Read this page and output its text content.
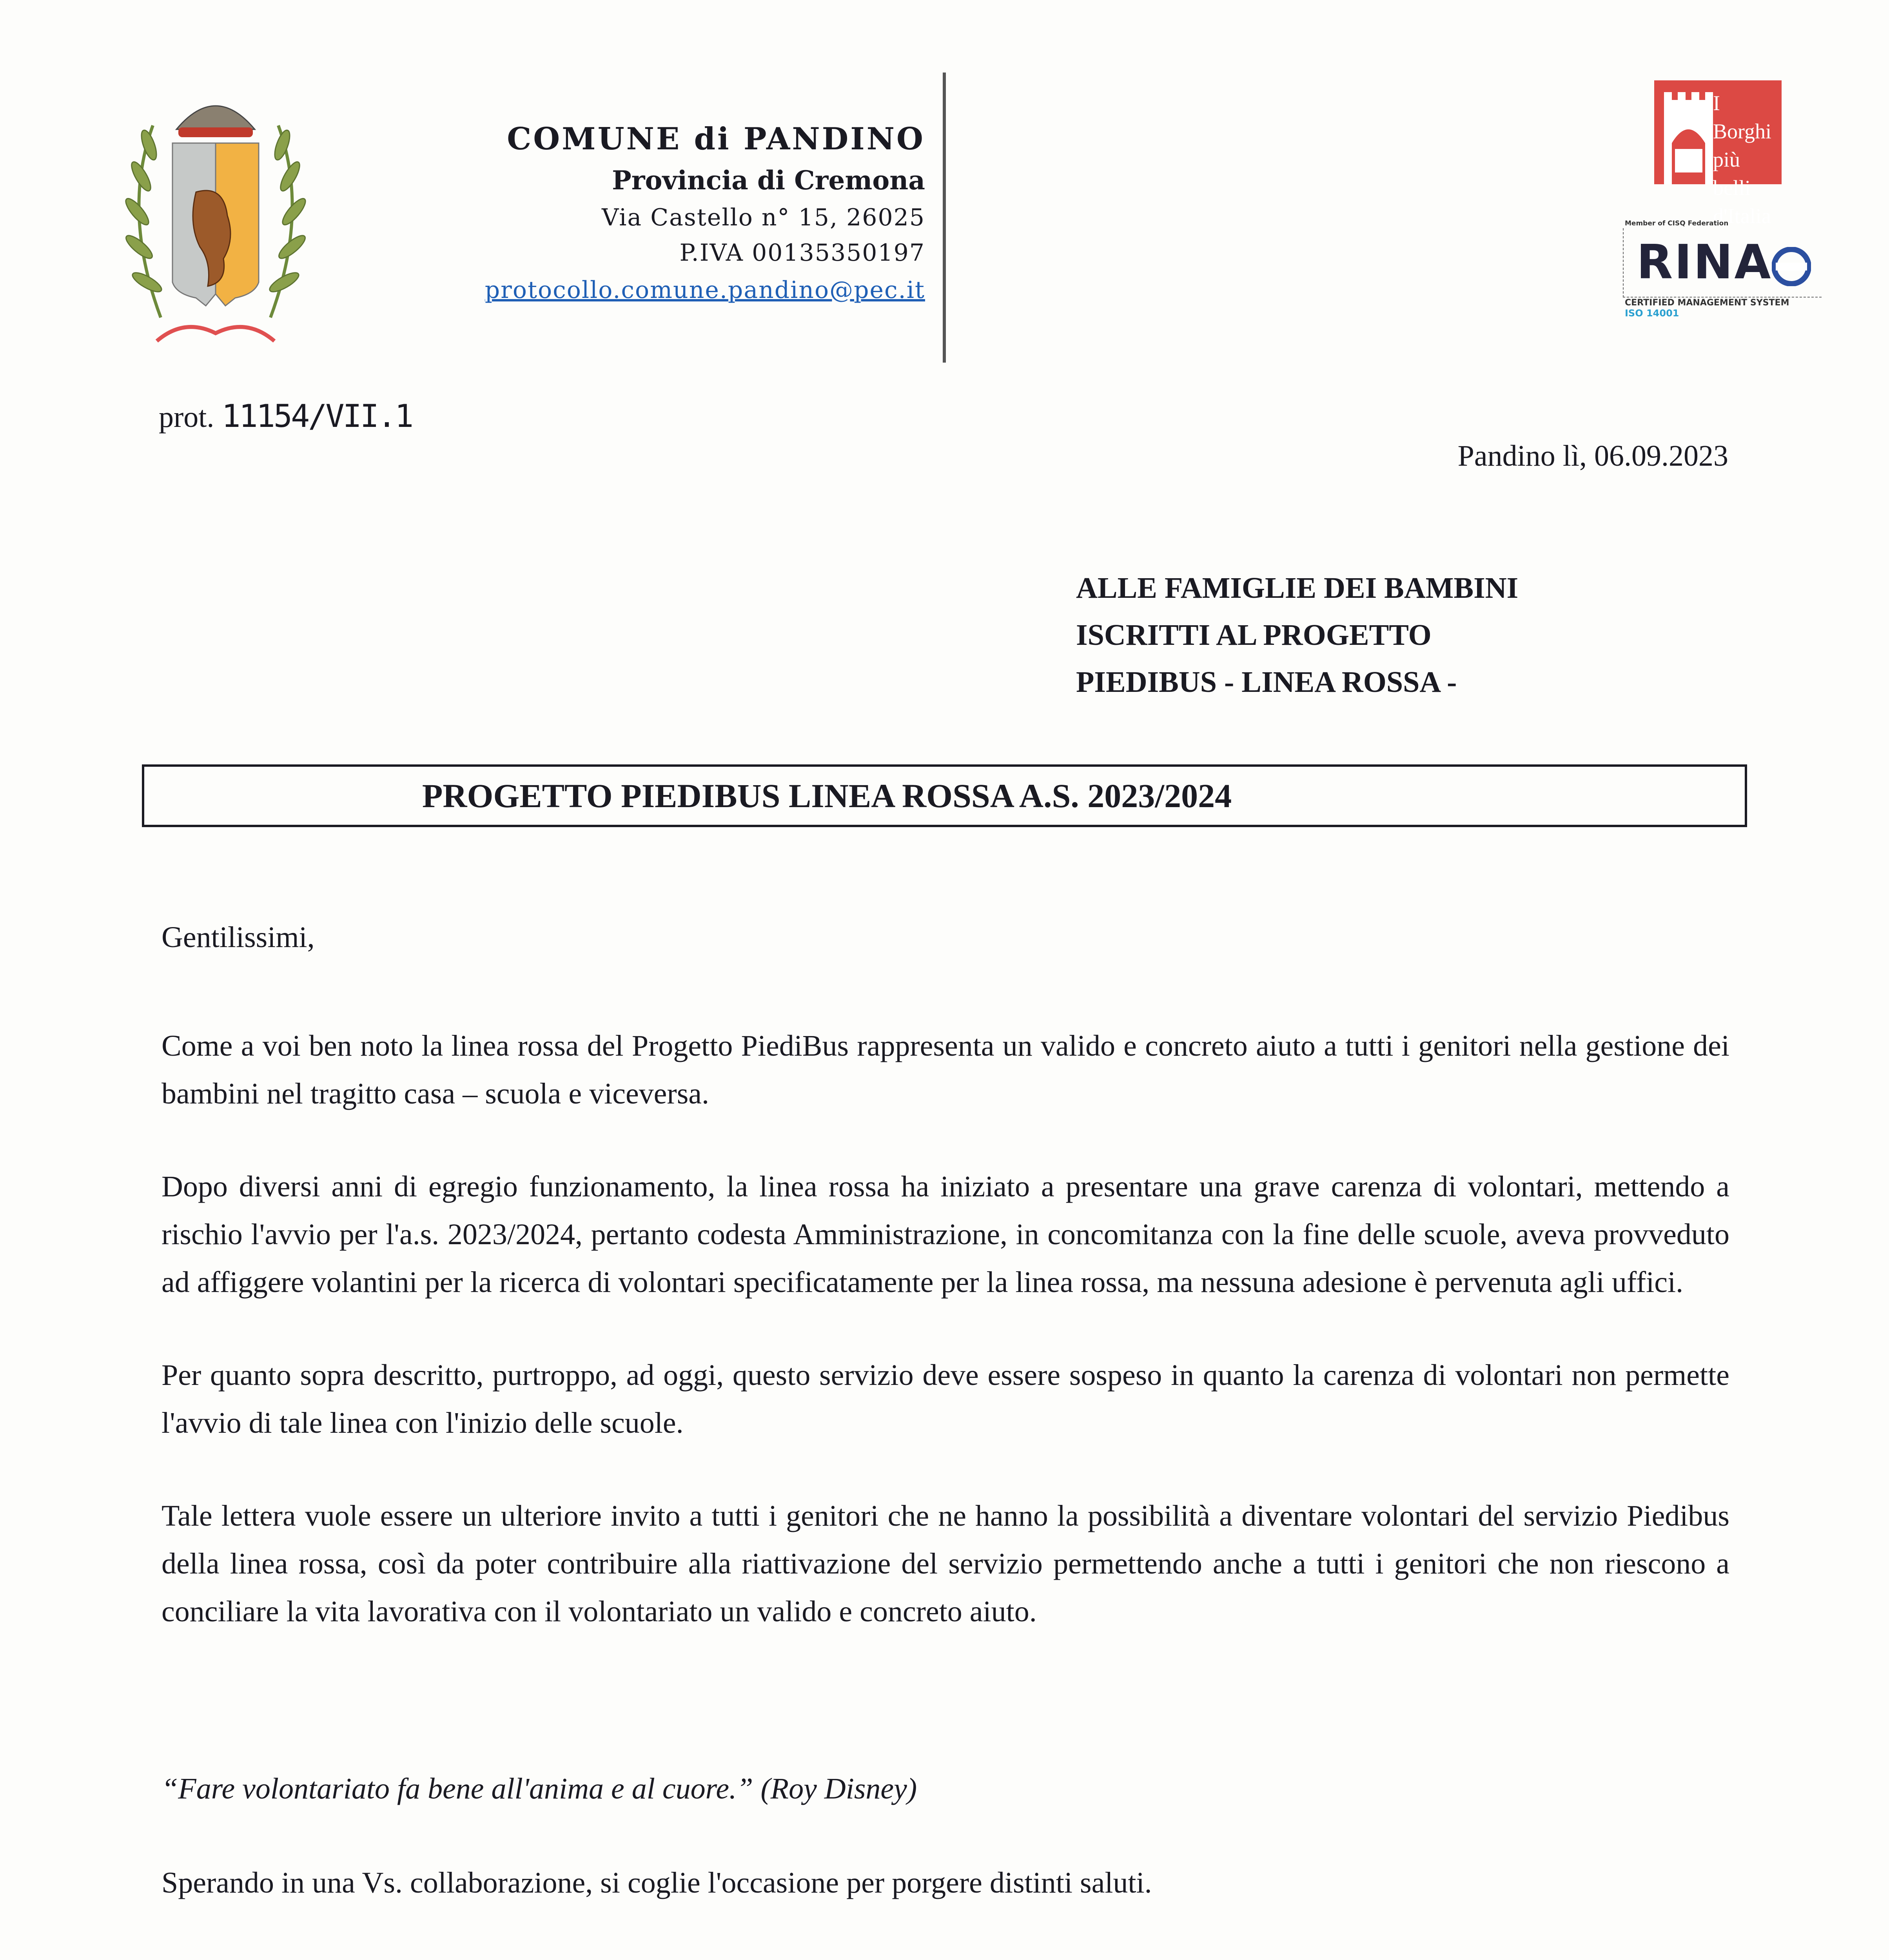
COMUNE di PANDINO
Provincia di Cremona
Via Castello n° 15, 26025
P.IVA 00135350197
protocollo.comune.pandino@pec.it
I Borghi
più belli
d'Italia
Member of CISQ Federation
RINA
CERTIFIED MANAGEMENT SYSTEM
ISO 14001
prot. 11154/VII.1
Pandino lì, 06.09.2023
ALLE FAMIGLIE DEI BAMBINI
ISCRITTI AL PROGETTO
PIEDIBUS - LINEA ROSSA -
PROGETTO PIEDIBUS LINEA ROSSA A.S. 2023/2024

Gentilissimi,

Come a voi ben noto la linea rossa del Progetto PiediBus rappresenta un valido e concreto aiuto a tutti i genitori nella gestione dei bambini nel tragitto casa – scuola e viceversa.

Dopo diversi anni di egregio funzionamento, la linea rossa ha iniziato a presentare una grave carenza di volontari, mettendo a rischio l'avvio per l'a.s. 2023/2024, pertanto codesta Amministrazione, in concomitanza con la fine delle scuole, aveva provveduto ad affiggere volantini per la ricerca di volontari specificatamente per la linea rossa, ma nessuna adesione è pervenuta agli uffici.

Per quanto sopra descritto, purtroppo, ad oggi, questo servizio deve essere sospeso in quanto la carenza di volontari non permette l'avvio di tale linea con l'inizio delle scuole.

Tale lettera vuole essere un ulteriore invito a tutti i genitori che ne hanno la possibilità a diventare volontari del servizio Piedibus della linea rossa, così da poter contribuire alla riattivazione del servizio permettendo anche a tutti i genitori che non riescono a conciliare la vita lavorativa con il volontariato un valido e concreto aiuto.

“Fare volontariato fa bene all'anima e al cuore.” (Roy Disney)
Sperando in una Vs. collaborazione, si coglie l'occasione per porgere distinti saluti.
